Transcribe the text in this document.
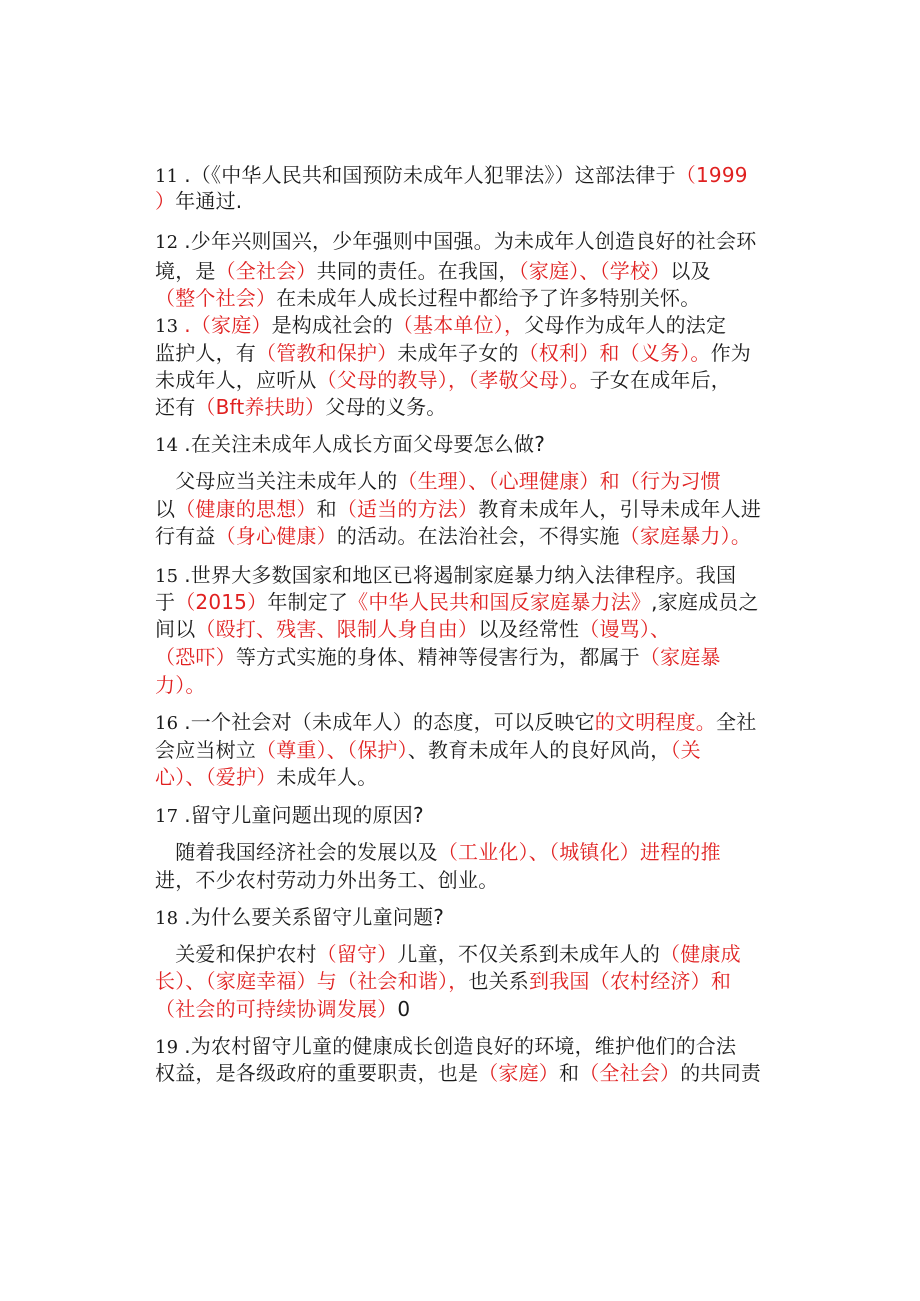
11 .（《中华人民共和国预防未成年人犯罪法》）这部法律于（1999
）年通过.
12 .少年兴则国兴，少年强则中国强。为未成年人创造良好的社会环
境，是（全社会）共同的责任。在我国，（家庭）、（学校）以及
（整个社会）在未成年人成长过程中都给予了许多特别关怀。
13 .（家庭）是构成社会的（基本单位），父母作为成年人的法定
监护人，有（管教和保护）未成年子女的（权利）和（义务）。作为
未成年人，应听从（父母的教导），（孝敬父母）。子女在成年后，
还有（Bft养扶助）父母的义务。
14 .在关注未成年人成长方面父母要怎么做?
　父母应当关注未成年人的（生理）、（心理健康）和（行为习惯
以（健康的思想）和（适当的方法）教育未成年人，引导未成年人进
行有益（身心健康）的活动。在法治社会，不得实施（家庭暴力）。
15 .世界大多数国家和地区已将遏制家庭暴力纳入法律程序。我国
于（2015）年制定了《中华人民共和国反家庭暴力法》,家庭成员之
间以（殴打、残害、限制人身自由）以及经常性（谩骂）、
（恐吓）等方式实施的身体、精神等侵害行为，都属于（家庭暴
力）。
16 .一个社会对（未成年人）的态度，可以反映它的文明程度。全社
会应当树立（尊重）、（保护）、教育未成年人的良好风尚，（关
心）、（爱护）未成年人。
17 .留守儿童问题出现的原因?
　随着我国经济社会的发展以及（工业化）、（城镇化）进程的推
进，不少农村劳动力外出务工、创业。
18 .为什么要关系留守儿童问题?
　关爱和保护农村（留守）儿童，不仅关系到未成年人的（健康成
长）、（家庭幸福）与（社会和谐），也关系到我国（农村经济）和
（社会的可持续协调发展）0
19 .为农村留守儿童的健康成长创造良好的环境，维护他们的合法
权益，是各级政府的重要职责，也是（家庭）和（全社会）的共同责
